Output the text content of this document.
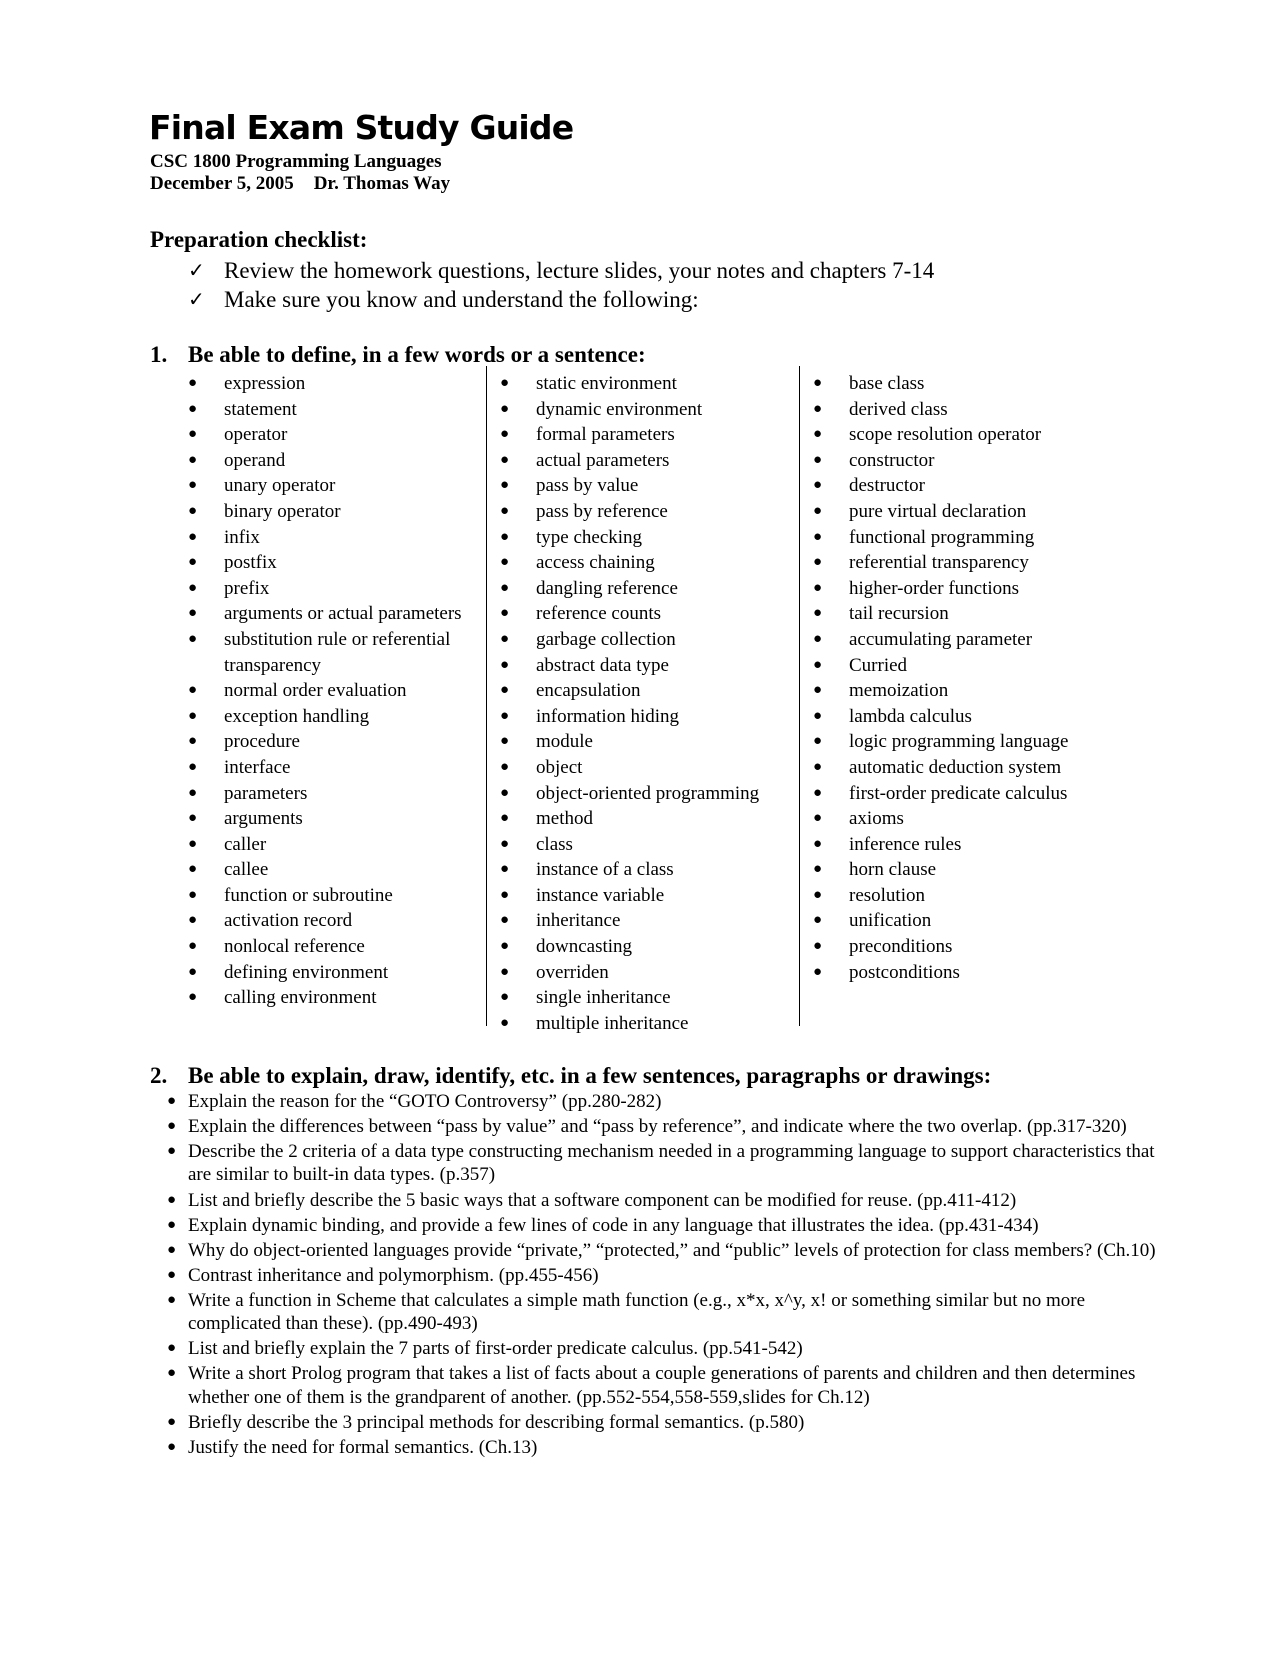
Final Exam Study Guide
CSC 1800 Programming Languages
December 5, 2005 Dr. Thomas Way
Preparation checklist:
✓ Review the homework questions, lecture slides, your notes and chapters 7-14
✓ Make sure you know and understand the following:
1. Be able to define, in a few words or a sentence:
● expression
● statement
● operator
● operand
● unary operator
● binary operator
● infix
● postfix
● prefix
● arguments or actual parameters
● substitution rule or referential transparency
● normal order evaluation
● exception handling
● procedure
● interface
● parameters
● arguments
● caller
● callee
● function or subroutine
● activation record
● nonlocal reference
● defining environment
● calling environment
● static environment
● dynamic environment
● formal parameters
● actual parameters
● pass by value
● pass by reference
● type checking
● access chaining
● dangling reference
● reference counts
● garbage collection
● abstract data type
● encapsulation
● information hiding
● module
● object
● object-oriented programming
● method
● class
● instance of a class
● instance variable
● inheritance
● downcasting
● overriden
● single inheritance
● multiple inheritance
● base class
● derived class
● scope resolution operator
● constructor
● destructor
● pure virtual declaration
● functional programming
● referential transparency
● higher-order functions
● tail recursion
● accumulating parameter
● Curried
● memoization
● lambda calculus
● logic programming language
● automatic deduction system
● first-order predicate calculus
● axioms
● inference rules
● horn clause
● resolution
● unification
● preconditions
● postconditions
2. Be able to explain, draw, identify, etc. in a few sentences, paragraphs or drawings:
● Explain the reason for the “GOTO Controversy” (pp.280-282)
● Explain the differences between “pass by value” and “pass by reference”, and indicate where the two overlap. (pp.317-320)
● Describe the 2 criteria of a data type constructing mechanism needed in a programming language to support characteristics that are similar to built-in data types. (p.357)
● List and briefly describe the 5 basic ways that a software component can be modified for reuse. (pp.411-412)
● Explain dynamic binding, and provide a few lines of code in any language that illustrates the idea. (pp.431-434)
● Why do object-oriented languages provide “private,” “protected,” and “public” levels of protection for class members? (Ch.10)
● Contrast inheritance and polymorphism. (pp.455-456)
● Write a function in Scheme that calculates a simple math function (e.g., x*x, x^y, x! or something similar but no more complicated than these). (pp.490-493)
● List and briefly explain the 7 parts of first-order predicate calculus. (pp.541-542)
● Write a short Prolog program that takes a list of facts about a couple generations of parents and children and then determines whether one of them is the grandparent of another. (pp.552-554,558-559,slides for Ch.12)
● Briefly describe the 3 principal methods for describing formal semantics. (p.580)
● Justify the need for formal semantics. (Ch.13)
